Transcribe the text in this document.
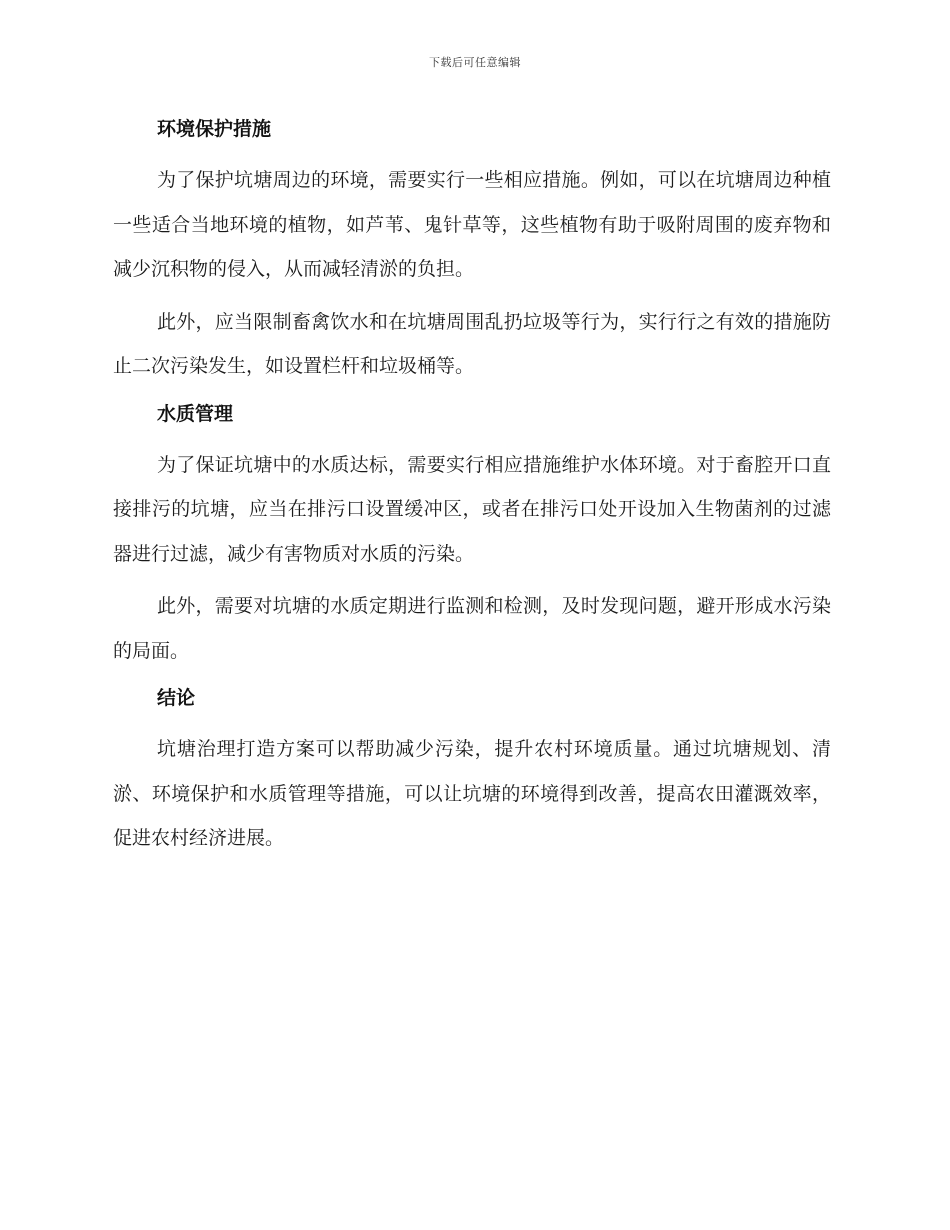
下载后可任意编辑
环境保护措施

为了保护坑塘周边的环境，需要实行一些相应措施。例如，可以在坑塘周边种植一些适合当地环境的植物，如芦苇、鬼针草等，这些植物有助于吸附周围的废弃物和减少沉积物的侵入，从而减轻清淤的负担。

此外，应当限制畜禽饮水和在坑塘周围乱扔垃圾等行为，实行行之有效的措施防止二次污染发生，如设置栏杆和垃圾桶等。

水质管理

为了保证坑塘中的水质达标，需要实行相应措施维护水体环境。对于畜腔开口直接排污的坑塘，应当在排污口设置缓冲区，或者在排污口处开设加入生物菌剂的过滤器进行过滤，减少有害物质对水质的污染。

此外，需要对坑塘的水质定期进行监测和检测，及时发现问题，避开形成水污染的局面。

结论

坑塘治理打造方案可以帮助减少污染，提升农村环境质量。通过坑塘规划、清淤、环境保护和水质管理等措施，可以让坑塘的环境得到改善，提高农田灌溉效率，促进农村经济进展。
